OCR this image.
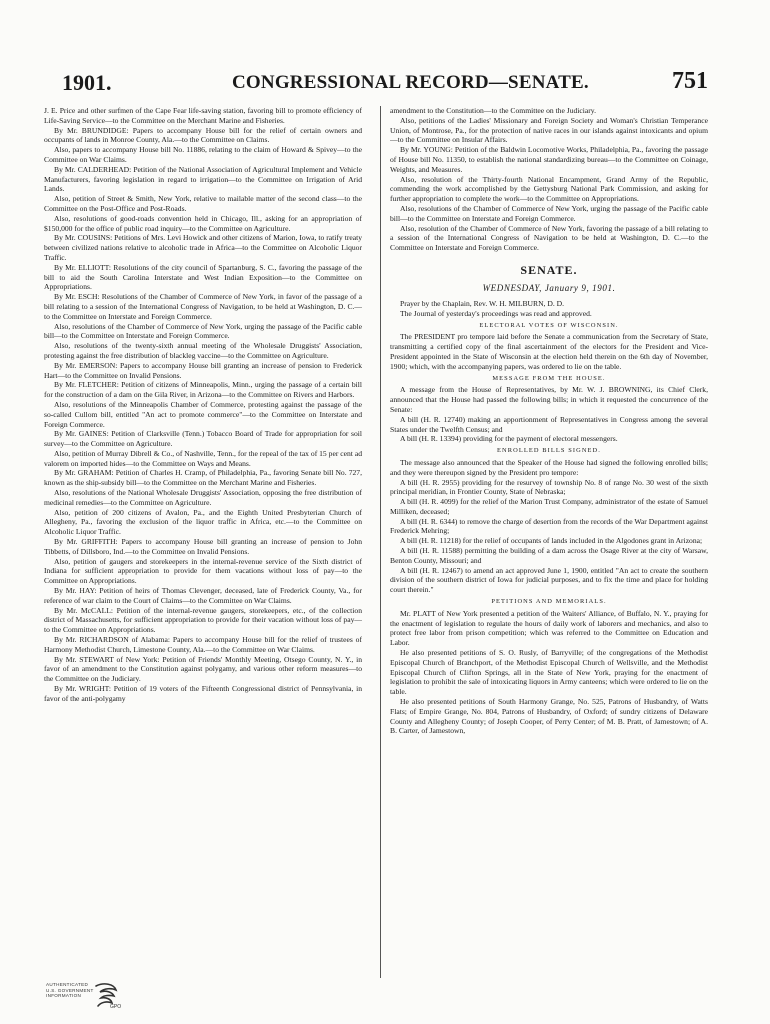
1901.	CONGRESSIONAL RECORD—SENATE.	751

J. E. Price and other surfmen of the Cape Fear life-saving station, favoring bill to promote efficiency of Life-Saving Service—to the Committee on the Merchant Marine and Fisheries.

By Mr. BRUNDIDGE: Papers to accompany House bill for the relief of certain owners and occupants of lands in Monroe County, Ala.—to the Committee on Claims.

Also, papers to accompany House bill No. 11886, relating to the claim of Howard & Spivey—to the Committee on War Claims.

By Mr. CALDERHEAD: Petition of the National Association of Agricultural Implement and Vehicle Manufacturers, favoring legislation in regard to irrigation—to the Committee on Irrigation of Arid Lands.

Also, petition of Street & Smith, New York, relative to mailable matter of the second class—to the Committee on the Post-Office and Post-Roads.

Also, resolutions of good-roads convention held in Chicago, Ill., asking for an appropriation of $150,000 for the office of public road inquiry—to the Committee on Agriculture.

By Mr. COUSINS: Petitions of Mrs. Levi Howick and other citizens of Marion, Iowa, to ratify treaty between civilized nations relative to alcoholic trade in Africa—to the Committee on Alcoholic Liquor Traffic.

By Mr. ELLIOTT: Resolutions of the city council of Spartanburg, S. C., favoring the passage of the bill to aid the South Carolina Interstate and West Indian Exposition—to the Committee on Appropriations.

By Mr. ESCH: Resolutions of the Chamber of Commerce of New York, in favor of the passage of a bill relating to a session of the International Congress of Navigation, to be held at Washington, D. C.—to the Committee on Interstate and Foreign Commerce.

Also, resolutions of the Chamber of Commerce of New York, urging the passage of the Pacific cable bill—to the Committee on Interstate and Foreign Commerce.

Also, resolutions of the twenty-sixth annual meeting of the Wholesale Druggists' Association, protesting against the free distribution of blackleg vaccine—to the Committee on Agriculture.

By Mr. EMERSON: Papers to accompany House bill granting an increase of pension to Frederick Hart—to the Committee on Invalid Pensions.

By Mr. FLETCHER: Petition of citizens of Minneapolis, Minn., urging the passage of a certain bill for the construction of a dam on the Gila River, in Arizona—to the Committee on Rivers and Harbors.

Also, resolutions of the Minneapolis Chamber of Commerce, protesting against the passage of the so-called Cullom bill, entitled "An act to promote commerce"—to the Committee on Interstate and Foreign Commerce.

By Mr. GAINES: Petition of Clarksville (Tenn.) Tobacco Board of Trade for appropriation for soil survey—to the Committee on Agriculture.

Also, petition of Murray Dibrell & Co., of Nashville, Tenn., for the repeal of the tax of 15 per cent ad valorem on imported hides—to the Committee on Ways and Means.

By Mr. GRAHAM: Petition of Charles H. Cramp, of Philadelphia, Pa., favoring Senate bill No. 727, known as the ship-subsidy bill—to the Committee on the Merchant Marine and Fisheries.

Also, resolutions of the National Wholesale Druggists' Association, opposing the free distribution of medicinal remedies—to the Committee on Agriculture.

Also, petition of 200 citizens of Avalon, Pa., and the Eighth United Presbyterian Church of Allegheny, Pa., favoring the exclusion of the liquor traffic in Africa, etc.—to the Committee on Alcoholic Liquor Traffic.

By Mr. GRIFFITH: Papers to accompany House bill granting an increase of pension to John Tibbetts, of Dillsboro, Ind.—to the Committee on Invalid Pensions.

Also, petition of gaugers and storekeepers in the internal-revenue service of the Sixth district of Indiana for sufficient appropriation to provide for them vacations without loss of pay—to the Committee on Appropriations.

By Mr. HAY: Petition of heirs of Thomas Clevenger, deceased, late of Frederick County, Va., for reference of war claim to the Court of Claims—to the Committee on War Claims.

By Mr. McCALL: Petition of the internal-revenue gaugers, storekeepers, etc., of the collection district of Massachusetts, for sufficient appropriation to provide for their vacation without loss of pay—to the Committee on Appropriations.

By Mr. RICHARDSON of Alabama: Papers to accompany House bill for the relief of trustees of Harmony Methodist Church, Limestone County, Ala.—to the Committee on War Claims.

By Mr. STEWART of New York: Petition of Friends' Monthly Meeting, Otsego County, N. Y., in favor of an amendment to the Constitution against polygamy, and various other reform measures—to the Committee on the Judiciary.

By Mr. WRIGHT: Petition of 19 voters of the Fifteenth Congressional district of Pennsylvania, in favor of the anti-polygamy

amendment to the Constitution—to the Committee on the Judiciary.

Also, petitions of the Ladies' Missionary and Foreign Society and Woman's Christian Temperance Union, of Montrose, Pa., for the protection of native races in our islands against intoxicants and opium—to the Committee on Insular Affairs.

By Mr. YOUNG: Petition of the Baldwin Locomotive Works, Philadelphia, Pa., favoring the passage of House bill No. 11350, to establish the national standardizing bureau—to the Committee on Coinage, Weights, and Measures.

Also, resolution of the Thirty-fourth National Encampment, Grand Army of the Republic, commending the work accomplished by the Gettysburg National Park Commission, and asking for further appropriation to complete the work—to the Committee on Appropriations.

Also, resolutions of the Chamber of Commerce of New York, urging the passage of the Pacific cable bill—to the Committee on Interstate and Foreign Commerce.

Also, resolution of the Chamber of Commerce of New York, favoring the passage of a bill relating to a session of the International Congress of Navigation to be held at Washington, D. C.—to the Committee on Interstate and Foreign Commerce.

SENATE.
WEDNESDAY, January 9, 1901.

Prayer by the Chaplain, Rev. W. H. MILBURN, D. D.

The Journal of yesterday's proceedings was read and approved.

ELECTORAL VOTES OF WISCONSIN.

The PRESIDENT pro tempore laid before the Senate a communication from the Secretary of State, transmitting a certified copy of the final ascertainment of the electors for the President and Vice-President appointed in the State of Wisconsin at the election held therein on the 6th day of November, 1900; which, with the accompanying papers, was ordered to lie on the table.

MESSAGE FROM THE HOUSE.

A message from the House of Representatives, by Mr. W. J. BROWNING, its Chief Clerk, announced that the House had passed the following bills; in which it requested the concurrence of the Senate:

A bill (H. R. 12740) making an apportionment of Representatives in Congress among the several States under the Twelfth Census; and

A bill (H. R. 13394) providing for the payment of electoral messengers.

ENROLLED BILLS SIGNED.

The message also announced that the Speaker of the House had signed the following enrolled bills; and they were thereupon signed by the President pro tempore:

A bill (H. R. 2955) providing for the resurvey of township No. 8 of range No. 30 west of the sixth principal meridian, in Frontier County, State of Nebraska;

A bill (H. R. 4099) for the relief of the Marion Trust Company, administrator of the estate of Samuel Milliken, deceased;

A bill (H. R. 6344) to remove the charge of desertion from the records of the War Department against Frederick Mehring;

A bill (H. R. 11218) for the relief of occupants of lands included in the Algodones grant in Arizona;

A bill (H. R. 11588) permitting the building of a dam across the Osage River at the city of Warsaw, Benton County, Missouri; and

A bill (H. R. 12467) to amend an act approved June 1, 1900, entitled "An act to create the southern division of the southern district of Iowa for judicial purposes, and to fix the time and place for holding court therein."

PETITIONS AND MEMORIALS.

Mr. PLATT of New York presented a petition of the Waiters' Alliance, of Buffalo, N. Y., praying for the enactment of legislation to regulate the hours of daily work of laborers and mechanics, and also to protect free labor from prison competition; which was referred to the Committee on Education and Labor.

He also presented petitions of S. O. Rusly, of Barryville; of the congregations of the Methodist Episcopal Church of Branchport, of the Methodist Episcopal Church of Wellsville, and the Methodist Episcopal Church of Clifton Springs, all in the State of New York, praying for the enactment of legislation to prohibit the sale of intoxicating liquors in Army canteens; which were ordered to lie on the table.

He also presented petitions of South Harmony Grange, No. 525, Patrons of Husbandry, of Watts Flats; of Empire Grange, No. 804, Patrons of Husbandry, of Oxford; of sundry citizens of Delaware County and Allegheny County; of Joseph Cooper, of Perry Center; of M. B. Pratt, of Jamestown; of A. B. Carter, of Jamestown,

AUTHENTICATED
U.S. GOVERNMENT
INFORMATION
GPO
